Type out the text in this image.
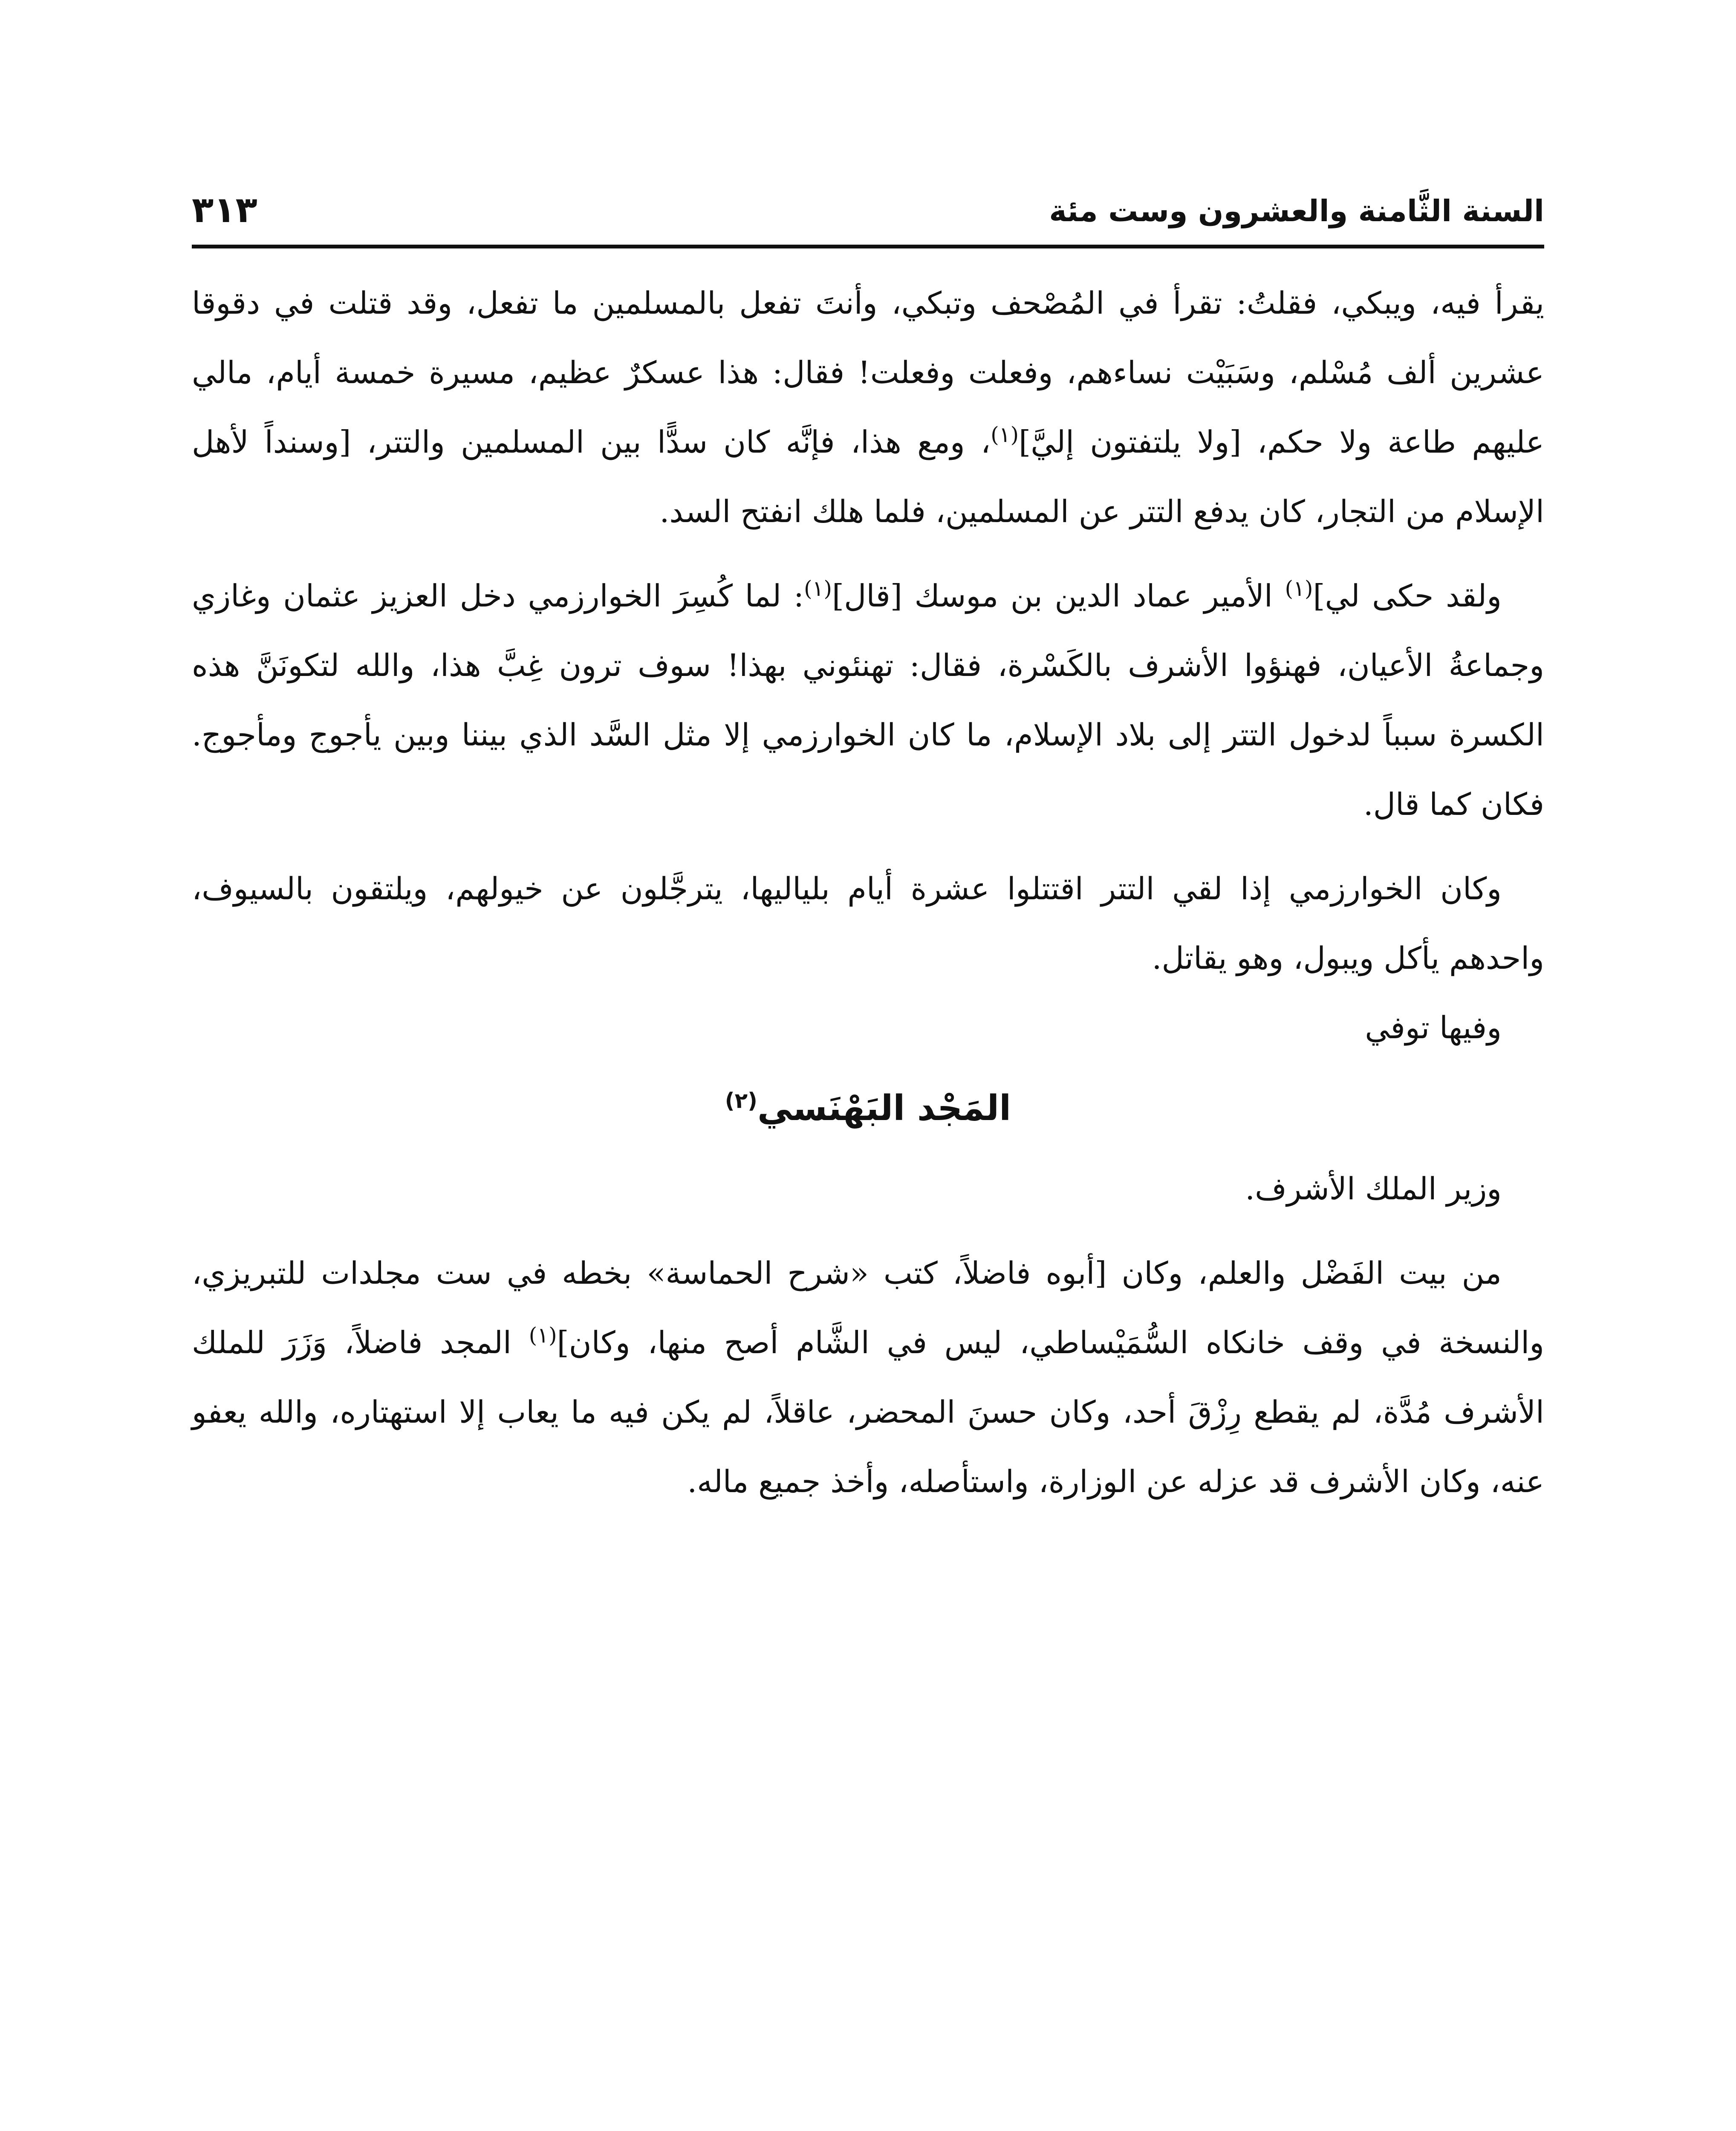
السنة الثَّامنة والعشرون وست مئة
٣١٣

يقرأ فيه، ويبكي، فقلتُ: تقرأ في المُصْحف وتبكي، وأنتَ تفعل بالمسلمين ما تفعل، وقد قتلت في دقوقا عشرين ألف مُسْلم، وسَبَيْت نساءهم، وفعلت وفعلت! فقال: هذا عسكرٌ عظيم، مسيرة خمسة أيام، مالي عليهم طاعة ولا حكم، [ولا يلتفتون إليَّ]$^{(١)}$، ومع هذا، فإنَّه كان سدًّا بين المسلمين والتتر، [وسنداً لأهل الإسلام من التجار، كان يدفع التتر عن المسلمين، فلما هلك انفتح السد.

ولقد حكى لي]$^{(١)}$ الأمير عماد الدين بن موسك [قال]$^{(١)}$: لما كُسِرَ الخوارزمي دخل العزيز عثمان وغازي وجماعةُ الأعيان، فهنؤوا الأشرف بالكَسْرة، فقال: تهنئوني بهذا! سوف ترون غِبَّ هذا، والله لتكونَنَّ هذه الكسرة سبباً لدخول التتر إلى بلاد الإسلام، ما كان الخوارزمي إلا مثل السَّد الذي بيننا وبين يأجوج ومأجوج. فكان كما قال.

وكان الخوارزمي إذا لقي التتر اقتتلوا عشرة أيام بلياليها، يترجَّلون عن خيولهم، ويلتقون بالسيوف، واحدهم يأكل ويبول، وهو يقاتل.

وفيها توفي

المَجْد البَهْنَسي$^{(٢)}$

وزير الملك الأشرف.

من بيت الفَضْل والعلم، وكان [أبوه فاضلاً، كتب «شرح الحماسة» بخطه في ست مجلدات للتبريزي، والنسخة في وقف خانكاه السُّمَيْساطي، ليس في الشَّام أصح منها، وكان]$^{(١)}$ المجد فاضلاً، وَزَرَ للملك الأشرف مُدَّة، لم يقطع رِزْقَ أحد، وكان حسنَ المحضر، عاقلاً، لم يكن فيه ما يعاب إلا استهتاره، والله يعفو عنه، وكان الأشرف قد عزله عن الوزارة، واستأصله، وأخذ جميع ماله.
